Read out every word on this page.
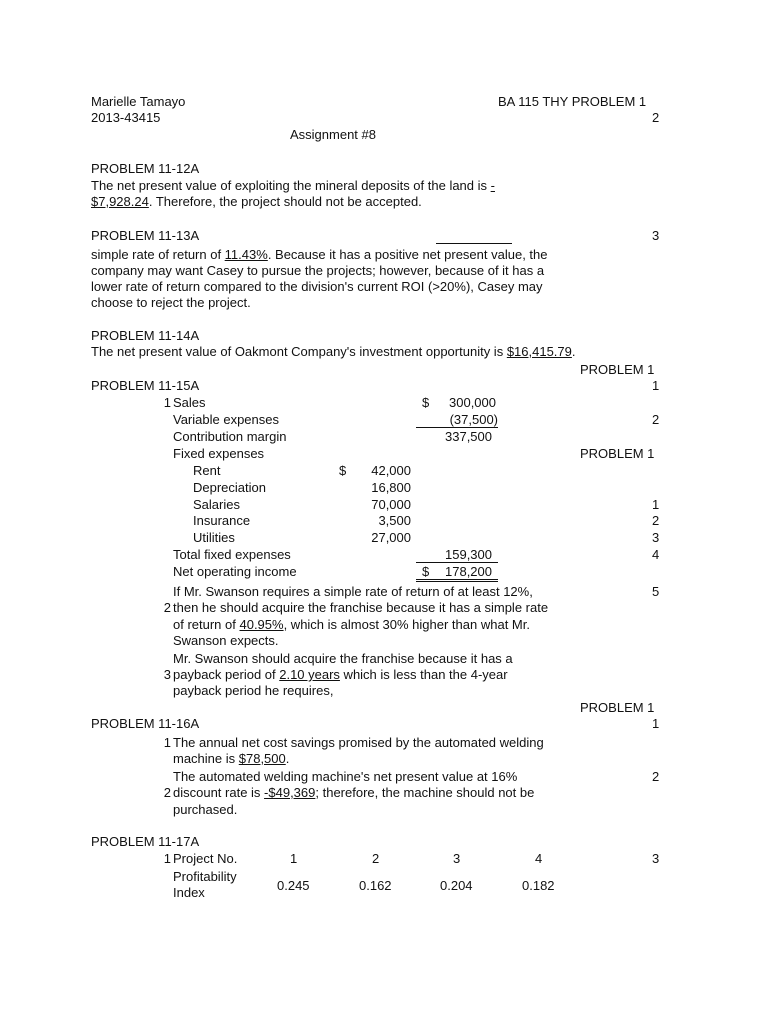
Marielle Tamayo
2013-43415
BA 115 THY PROBLEM 1
2
Assignment #8
PROBLEM 11-12A
The net present value of exploiting the mineral deposits of the land is -
$7,928.24. Therefore, the project should not be accepted.
PROBLEM 11-13A	3
simple rate of return of 11.43%. Because it has a positive net present value, the
company may want Casey to pursue the projects; however, because of it has a
lower rate of return compared to the division's current ROI (>20%), Casey may
choose to reject the project.
PROBLEM 11-14A
The net present value of Oakmont Company's investment opportunity is $16,415.79.
PROBLEM 11-15A
1 Sales	$	300,000
Variable expenses	(37,500)
Contribution margin	337,500
Fixed expenses
Rent	$	42,000
Depreciation	16,800
Salaries	70,000
Insurance	3,500
Utilities	27,000
Total fixed expenses	159,300
Net operating income	$ 178,200
If Mr. Swanson requires a simple rate of return of at least 12%,
2 then he should acquire the franchise because it has a simple rate
of return of 40.95%, which is almost 30% higher than what Mr.
Swanson expects.
Mr. Swanson should acquire the franchise because it has a
3 payback period of 2.10 years which is less than the 4-year
payback period he requires,
PROBLEM 11-16A
1 The annual net cost savings promised by the automated welding
machine is $78,500.
The automated welding machine's net present value at 16%
2 discount rate is -$49,369; therefore, the machine should not be
purchased.
PROBLEM 11-17A
1 Project No.	1	2	3	4
Profitability
Index	0.245	0.162	0.204	0.182
PROBLEM 1
1
2
PROBLEM 1
1
2
3
4
5
PROBLEM 1
1
2
3
